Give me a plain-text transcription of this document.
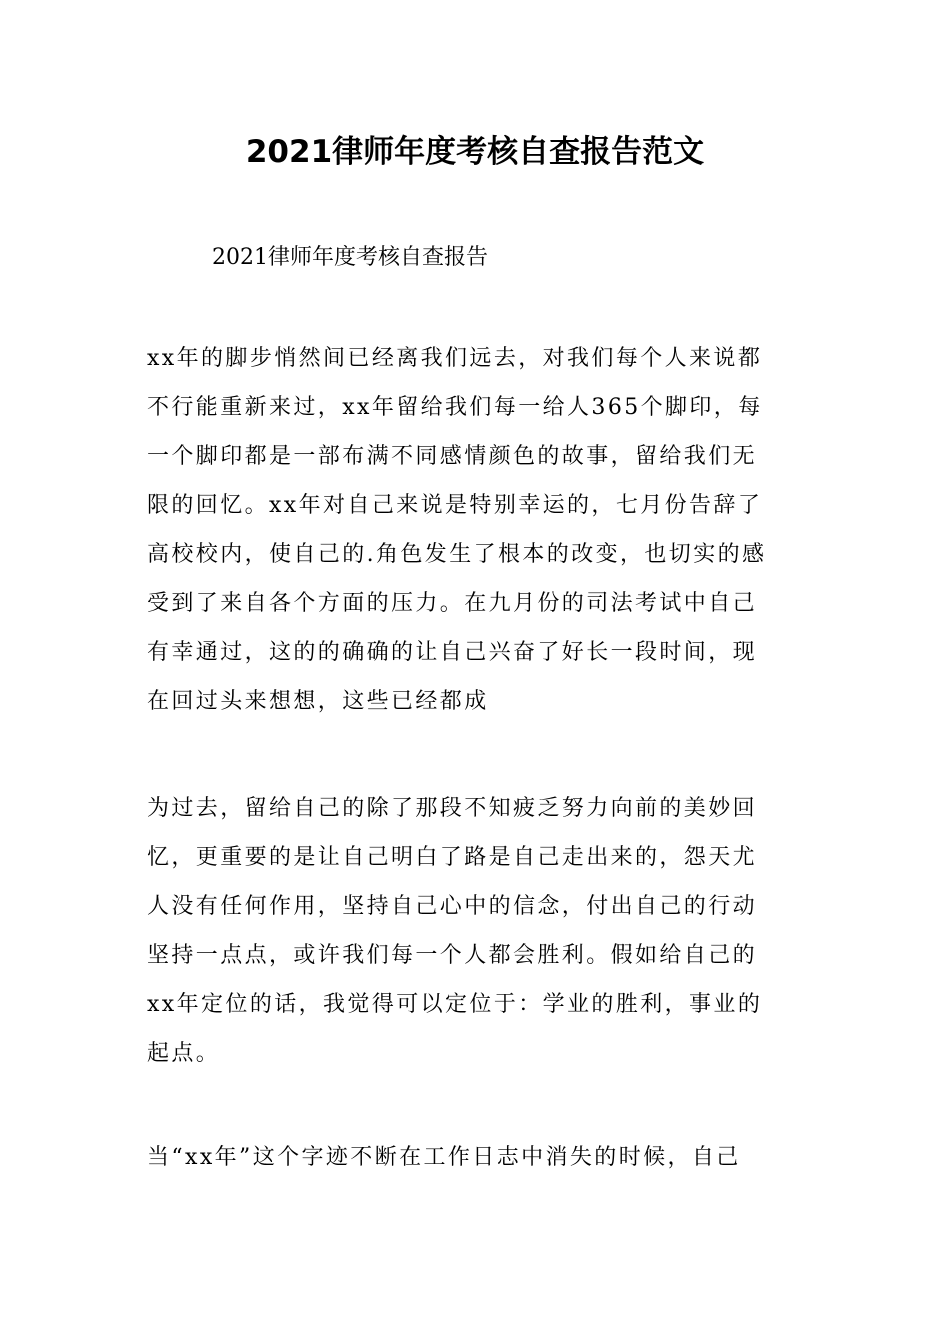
2021律师年度考核自查报告范文

2021律师年度考核自查报告

xx年的脚步悄然间已经离我们远去，对我们每个人来说都
不行能重新来过，xx年留给我们每一给人365个脚印，每
一个脚印都是一部布满不同感情颜色的故事，留给我们无
限的回忆。xx年对自己来说是特别幸运的，七月份告辞了
高校校内，使自己的.角色发生了根本的改变，也切实的感
受到了来自各个方面的压力。在九月份的司法考试中自己
有幸通过，这的的确确的让自己兴奋了好长一段时间，现
在回过头来想想，这些已经都成
为过去，留给自己的除了那段不知疲乏努力向前的美妙回
忆，更重要的是让自己明白了路是自己走出来的，怨天尤
人没有任何作用，坚持自己心中的信念，付出自己的行动
坚持一点点，或许我们每一个人都会胜利。假如给自己的
xx年定位的话，我觉得可以定位于：学业的胜利，事业的
起点。
当“xx年”这个字迹不断在工作日志中消失的时候，自己
